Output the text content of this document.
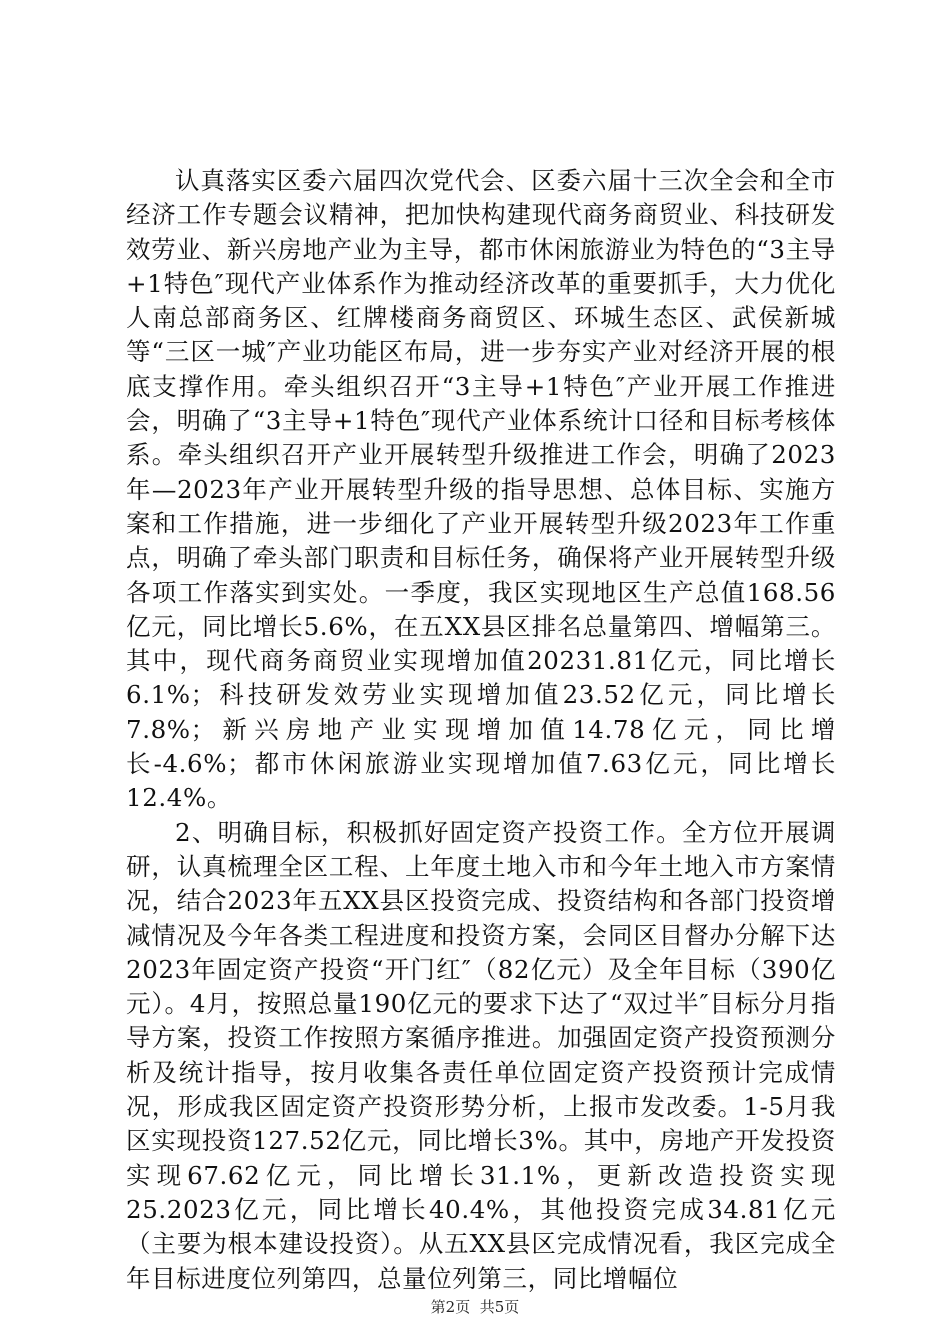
认真落实区委六届四次党代会、区委六届十三次全会和全市经济工作专题会议精神，把加快构建现代商务商贸业、科技研发效劳业、新兴房地产业为主导，都市休闲旅游业为特色的“3主导+1特色″现代产业体系作为推动经济改革的重要抓手，大力优化人南总部商务区、红牌楼商务商贸区、环城生态区、武侯新城等“三区一城″产业功能区布局，进一步夯实产业对经济开展的根底支撑作用。牵头组织召开“3主导+1特色″产业开展工作推进会，明确了“3主导+1特色″现代产业体系统计口径和目标考核体系。牵头组织召开产业开展转型升级推进工作会，明确了2023年—2023年产业开展转型升级的指导思想、总体目标、实施方案和工作措施，进一步细化了产业开展转型升级2023年工作重点，明确了牵头部门职责和目标任务，确保将产业开展转型升级各项工作落实到实处。一季度，我区实现地区生产总值168.56亿元，同比增长5.6%，在五XX县区排名总量第四、增幅第三。其中，现代商务商贸业实现增加值20231.81亿元，同比增长6.1%；科技研发效劳业实现增加值23.52亿元，同比增长7.8%；新兴房地产业实现增加值14.78亿元，同比增长-4.6%；都市休闲旅游业实现增加值7.63亿元，同比增长12.4%。

2、明确目标，积极抓好固定资产投资工作。全方位开展调研，认真梳理全区工程、上年度土地入市和今年土地入市方案情况，结合2023年五XX县区投资完成、投资结构和各部门投资增减情况及今年各类工程进度和投资方案，会同区目督办分解下达2023年固定资产投资“开门红″（82亿元）及全年目标（390亿元）。4月，按照总量190亿元的要求下达了“双过半″目标分月指导方案，投资工作按照方案循序推进。加强固定资产投资预测分析及统计指导，按月收集各责任单位固定资产投资预计完成情况，形成我区固定资产投资形势分析，上报市发改委。1-5月我区实现投资127.52亿元，同比增长3%。其中，房地产开发投资实现67.62亿元，同比增长31.1%，更新改造投资实现25.2023亿元，同比增长40.4%，其他投资完成34.81亿元（主要为根本建设投资）。从五XX县区完成情况看，我区完成全年目标进度位列第四，总量位列第三，同比增幅位

第2页 共5页
